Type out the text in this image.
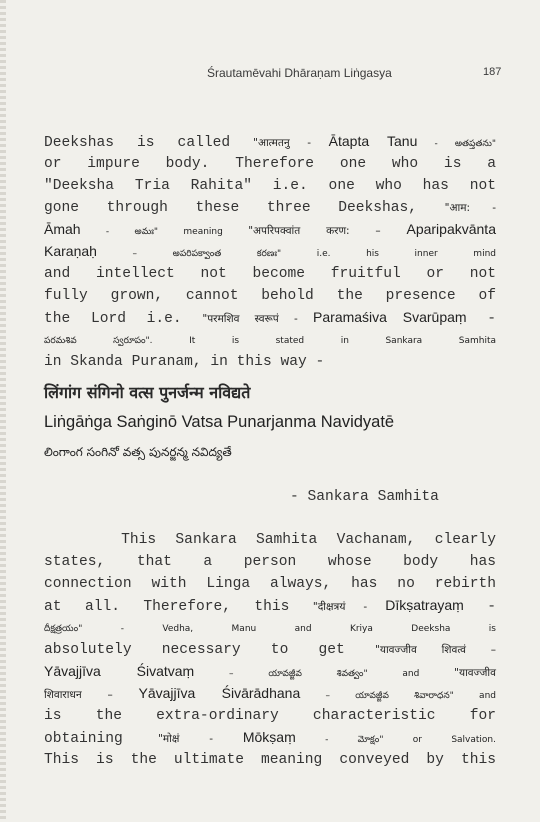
Śrautamēvahi Dhāraṇam Liṅgasya	187
Deekshas is called "आत्मतनु - Ātapta Tanu - అతప్తతను"
or impure body. Therefore one who is a
"Deeksha Tria Rahita" i.e. one who has not
gone through these three Deekshas, "आम: -
Āmah - అమః" meaning "अपरिपक्वांत करण: – Aparipakvānta
Karaṇaḥ – అపరిపక్వాంత కరణః" i.e. his inner mind
and intellect not become fruitful or not
fully grown, cannot behold the presence of
the Lord i.e. "परमशिव स्वरूपं - Paramaśiva Svarūpaṃ -
పరమశివ స్వరూపం". It is stated in Sankara Samhita
in Skanda Puranam, in this way -
लिंगांग संगिनो वत्स पुनर्जन्म नविद्यते
Liṅgāṅga Saṅginō Vatsa Punarjanma Navidyatē
లింగాంగ సంగినో వత్స పునర్జన్మ నవిద్యతే
- Sankara Samhita
This Sankara Samhita Vachanam, clearly
states, that a person whose body has
connection with Linga always, has no rebirth
at all. Therefore, this "दीक्षत्रयं - Dīkṣatrayaṃ -
దీక్షత్రయం" - Vedha, Manu and Kriya Deeksha is
absolutely necessary to get "यावज्जीव शिवत्वं –
Yāvajjīva Śivatvaṃ – యావజ్జీవ శివత్వం" and "यावज्जीव
शिवाराधन – Yāvajjīva Śivārādhana – యావజ్జీవ శివారాధన" and
is the extra-ordinary characteristic for
obtaining "मोक्षं - Mōkṣaṃ - మోక్షం" or Salvation.
This is the ultimate meaning conveyed by this
